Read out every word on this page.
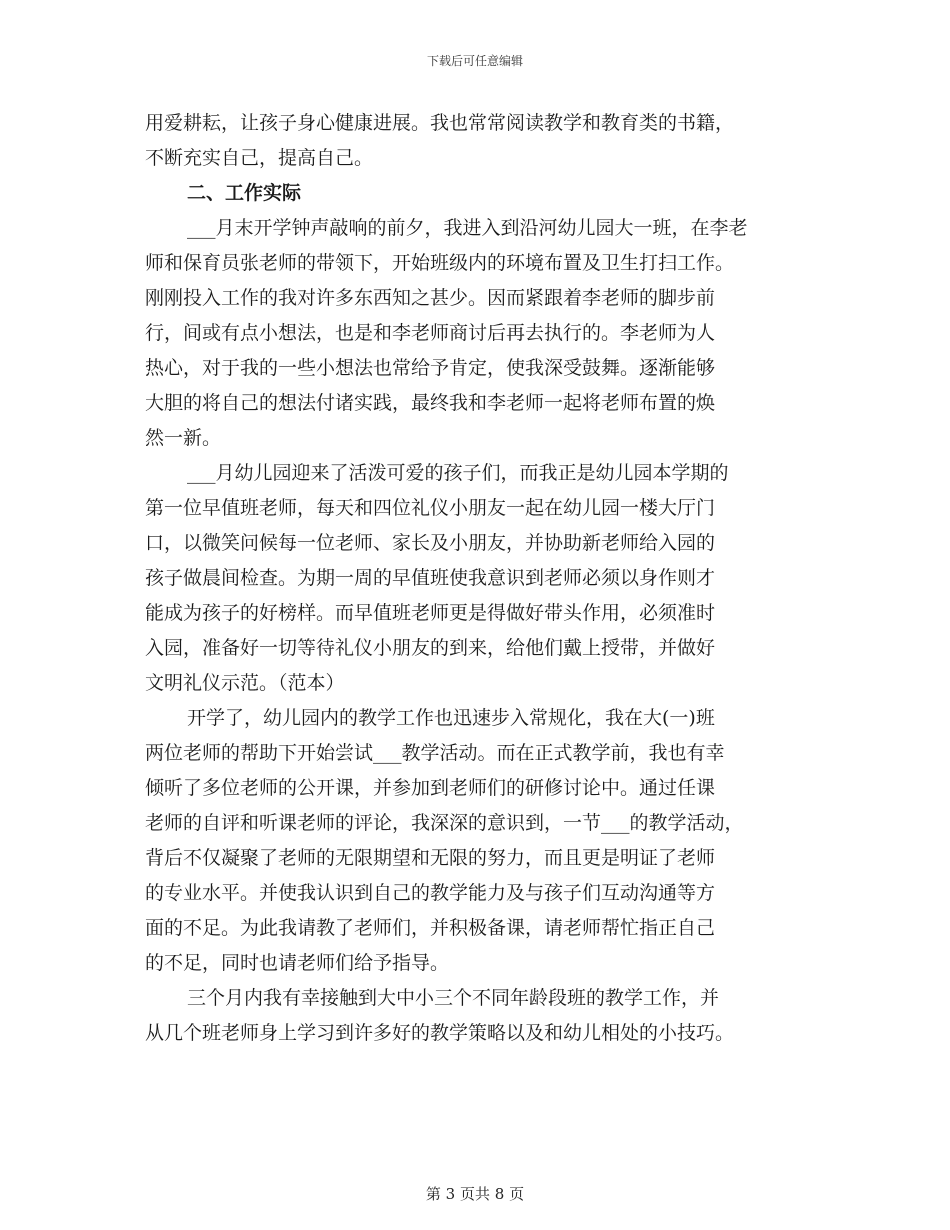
下载后可任意编辑

用爱耕耘，让孩子身心健康进展。我也常常阅读教学和教育类的书籍，
不断充实自己，提高自己。

二、工作实际

___月末开学钟声敲响的前夕，我进入到沿河幼儿园大一班，在李老
师和保育员张老师的带领下，开始班级内的环境布置及卫生打扫工作。
刚刚投入工作的我对许多东西知之甚少。因而紧跟着李老师的脚步前
行，间或有点小想法，也是和李老师商讨后再去执行的。李老师为人
热心，对于我的一些小想法也常给予肯定，使我深受鼓舞。逐渐能够
大胆的将自己的想法付诸实践，最终我和李老师一起将老师布置的焕
然一新。

___月幼儿园迎来了活泼可爱的孩子们，而我正是幼儿园本学期的
第一位早值班老师，每天和四位礼仪小朋友一起在幼儿园一楼大厅门
口，以微笑问候每一位老师、家长及小朋友，并协助新老师给入园的
孩子做晨间检查。为期一周的早值班使我意识到老师必须以身作则才
能成为孩子的好榜样。而早值班老师更是得做好带头作用，必须准时
入园，准备好一切等待礼仪小朋友的到来，给他们戴上授带，并做好
文明礼仪示范。（范本）

开学了，幼儿园内的教学工作也迅速步入常规化，我在大(一)班
两位老师的帮助下开始尝试___教学活动。而在正式教学前，我也有幸
倾听了多位老师的公开课，并参加到老师们的研修讨论中。通过任课
老师的自评和听课老师的评论，我深深的意识到，一节___的教学活动，
背后不仅凝聚了老师的无限期望和无限的努力，而且更是明证了老师
的专业水平。并使我认识到自己的教学能力及与孩子们互动沟通等方
面的不足。为此我请教了老师们，并积极备课，请老师帮忙指正自己
的不足，同时也请老师们给予指导。

三个月内我有幸接触到大中小三个不同年龄段班的教学工作，并
从几个班老师身上学习到许多好的教学策略以及和幼儿相处的小技巧。

第 3 页共 8 页
